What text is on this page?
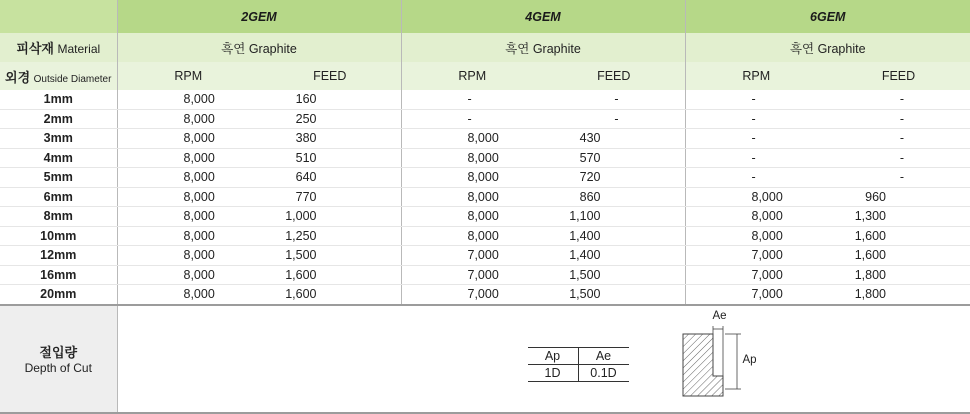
	2GEM	4GEM	6GEM
피삭재 Material	흑연 Graphite	흑연 Graphite	흑연 Graphite
외경 Outside Diameter	RPM	FEED	RPM	FEED	RPM	FEED
1mm	8,000	160	-	-	-	-
2mm	8,000	250	-	-	-	-
3mm	8,000	380	8,000	430	-	-
4mm	8,000	510	8,000	570	-	-
5mm	8,000	640	8,000	720	-	-
6mm	8,000	770	8,000	860	8,000	960
8mm	8,000	1,000	8,000	1,100	8,000	1,300
10mm	8,000	1,250	8,000	1,400	8,000	1,600
12mm	8,000	1,500	7,000	1,400	7,000	1,600
16mm	8,000	1,600	7,000	1,500	7,000	1,800
20mm	8,000	1,600	7,000	1,500	7,000	1,800

절입량
Depth of Cut

Ap	Ae
1D	0.1D
Ae
Ap
